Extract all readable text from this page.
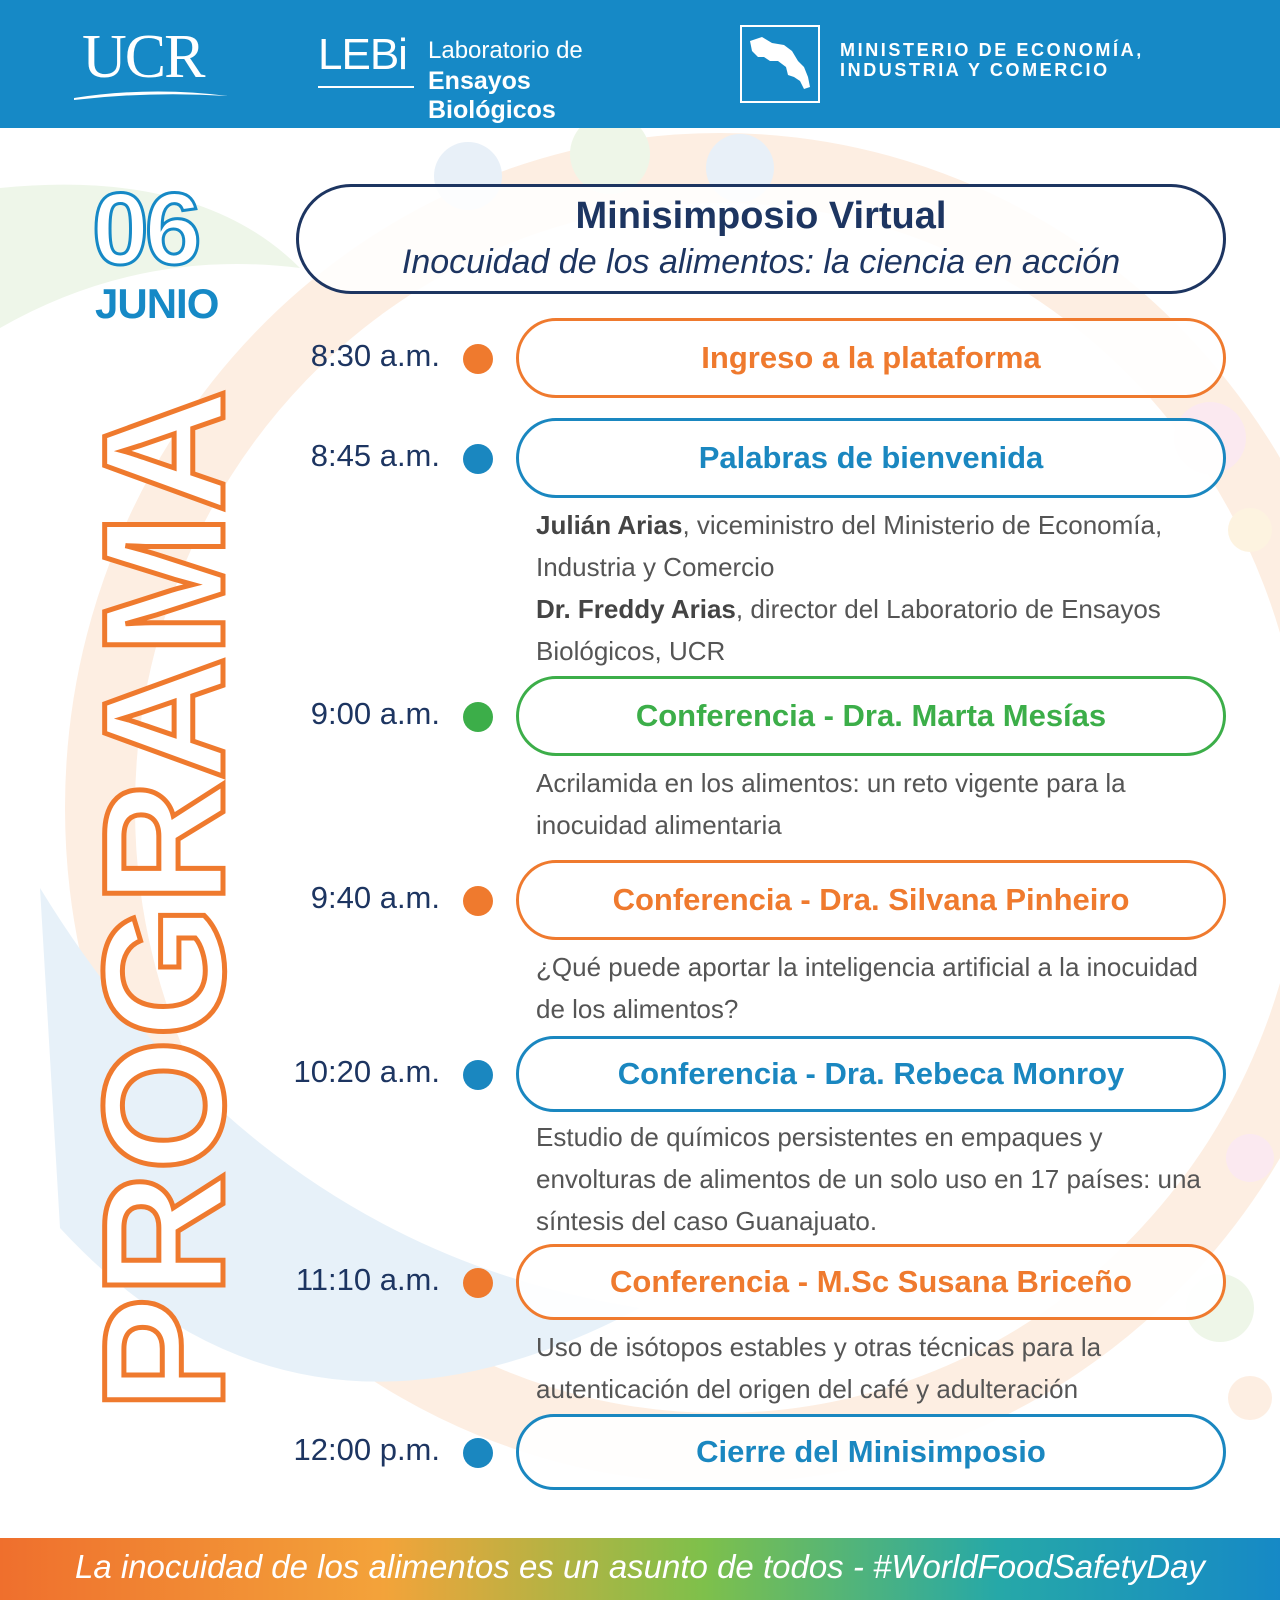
UCR	LEBi Laboratorio de
Ensayos Biológicos
MINISTERIO DE ECONOMÍA,
INDUSTRIA Y COMERCIO
06
JUNIO
PROGRAMA
Minisimposio Virtual
Inocuidad de los alimentos: la ciencia en acción
8:30 a.m.	Ingreso a la plataforma
8:45 a.m.	Palabras de bienvenida
Julián Arias, viceministro del Ministerio de Economía, Industria y Comercio
Dr. Freddy Arias, director del Laboratorio de Ensayos Biológicos, UCR
9:00 a.m.	Conferencia - Dra. Marta Mesías
Acrilamida en los alimentos: un reto vigente para la inocuidad alimentaria
9:40 a.m.	Conferencia - Dra. Silvana Pinheiro
¿Qué puede aportar la inteligencia artificial a la inocuidad de los alimentos?
10:20 a.m.	Conferencia - Dra. Rebeca Monroy
Estudio de químicos persistentes en empaques y envolturas de alimentos de un solo uso en 17 países: una síntesis del caso Guanajuato.
11:10 a.m.	Conferencia - M.Sc Susana Briceño
Uso de isótopos estables y otras técnicas para la autenticación del origen del café y adulteración
12:00 p.m.	Cierre del Minisimposio
La inocuidad de los alimentos es un asunto de todos - #WorldFoodSafetyDay
